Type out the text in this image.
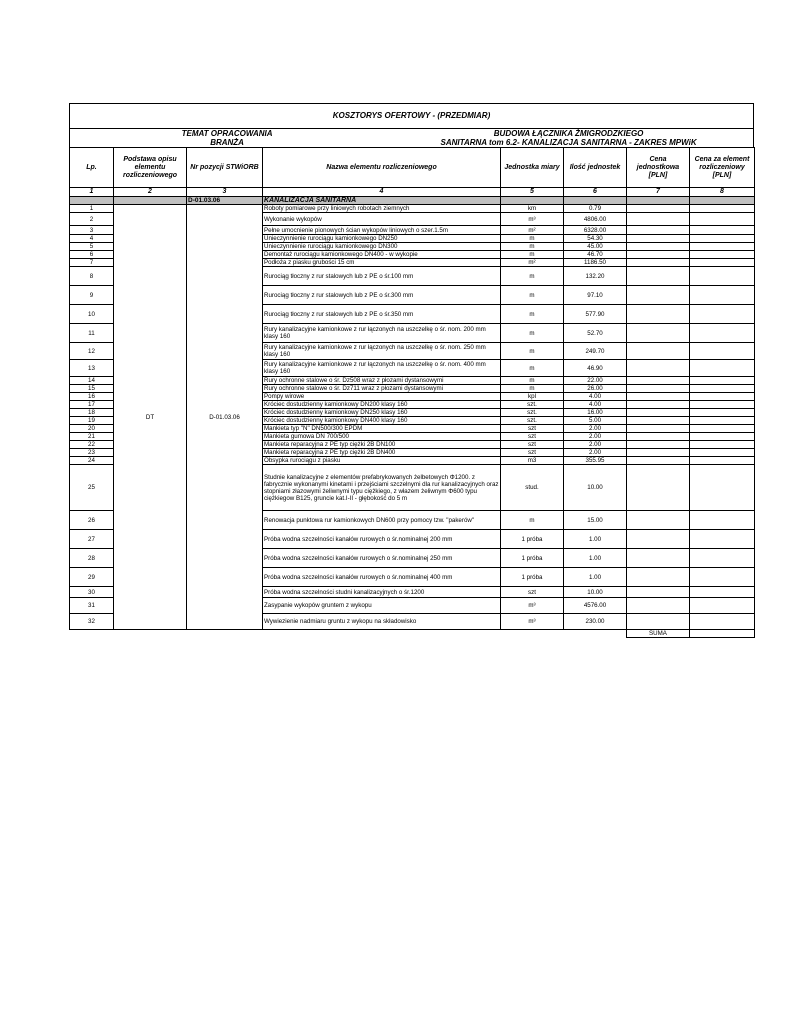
KOSZTORYS OFERTOWY - (PRZEDMIAR)
TEMAT OPRACOWANIA	BUDOWA ŁĄCZNIKA ŻMIGRODZKIEGO
BRANŻA	SANITARNA tom 6.2- KANALIZACJA SANITARNA - ZAKRES MPWiK
Lp.	Podstawa opisu elementu rozliczeniowego	Nr pozycji STWiORB	Nazwa elementu rozliczeniowego	Jednostka miary	Ilość jednostek	Cena jednostkowa [PLN]	Cena za element rozliczeniowy [PLN]
1	2	3	4	5	6	7	8
		D-01.03.06	KANALIZACJA SANITARNA				
1	DT	D-01.03.06	Roboty pomiarowe przy liniowych robotach ziemnych	km	0.79		
2			Wykonanie wykopów	m³	4806.00		
3			Pełne umocnienie pionowych ścian wykopów liniowych o szer.1.5m	m²	6328.00		
4			Unieczynnienie rurociągu kamionkowego DN250	m	54.30		
5			Unieczynnienie rurociągu kamionkowego DN300	m	45.00		
6			Demontaż rurociągu kamionkowego DN400 - w wykopie	m	46.70		
7			Podłoża z piasku grubości 15 cm	m²	1186.50		
8			Rurociąg tłoczny z rur stalowych lub z PE o śr.100 mm	m	132.20		
9			Rurociąg tłoczny z rur stalowych lub z PE o śr.300 mm	m	97.10		
10			Rurociąg tłoczny z rur stalowych lub z PE o śr.350 mm	m	577.90		
11			Rury kanalizacyjne kamionkowe z rur łączonych na uszczelkę o śr. nom. 200 mm klasy 160	m	52.70		
12			Rury kanalizacyjne kamionkowe z rur łączonych na uszczelkę o śr. nom. 250 mm klasy 160	m	249.70		
13			Rury kanalizacyjne kamionkowe z rur łączonych na uszczelkę o śr. nom. 400 mm klasy 160	m	46.90		
14			Rury ochronne stalowe o śr. Dz508 wraz z płozami dystansowymi	m	22.00		
15			Rury ochronne stalowe o śr. Dz711 wraz z płozami dystansowymi	m	26.00		
16			Pompy wirowe	kpl	4.00		
17			Króciec dostudzienny kamionkowy DN200 klasy 160	szt.	4.00		
18			Króciec dostudzienny kamionkowy DN250 klasy 160	szt.	16.00		
19			Króciec dostudzienny kamionkowy DN400 klasy 160	szt.	5.00		
20			Mankieta typ "N" DN500/300 EPDM	szt	2.00		
21			Mankieta gumowa DN 700/500	szt	2.00		
22			Mankieta reparacyjna z PE typ ciężki 2B DN100	szt	2.00		
23			Mankieta reparacyjna z PE typ ciężki 2B DN400	szt	2.00		
24			Obsypka rurociągu z piasku	m3	355.95		
25			Studnie kanalizacyjne z elementów prefabrykowanych żelbetowych Φ1200. z fabrycznie wykonanymi kinetami i przejściami szczelnymi dla rur kanalizacyjnych oraz stopniami złazowymi żeliwnymi typu ciężkiego, z włazem żeliwnym Φ600 typu ciężkiegow B125, gruncie kat.I-II - głębokość do 5 m	stud.	10.00		
26			Renowacja punktowa rur kamionkowych DN600 przy pomocy tzw. "pakerów"	m	15.00		
27			Próba wodna szczelności kanałów rurowych o śr.nominalnej 200 mm	1 próba	1.00		
28			Próba wodna szczelności kanałów rurowych o śr.nominalnej 250 mm	1 próba	1.00		
29			Próba wodna szczelności kanałów rurowych o śr.nominalnej 400 mm	1 próba	1.00		
30			Próba wodna szczelności studni kanalizacyjnych o śr.1200	szt	10.00		
31			Zasypanie wykopów gruntem z wykopu	m³	4576.00		
32			Wywiezienie nadmiaru gruntu z wykopu na składowisko	m³	230.00		
						SUMA	
